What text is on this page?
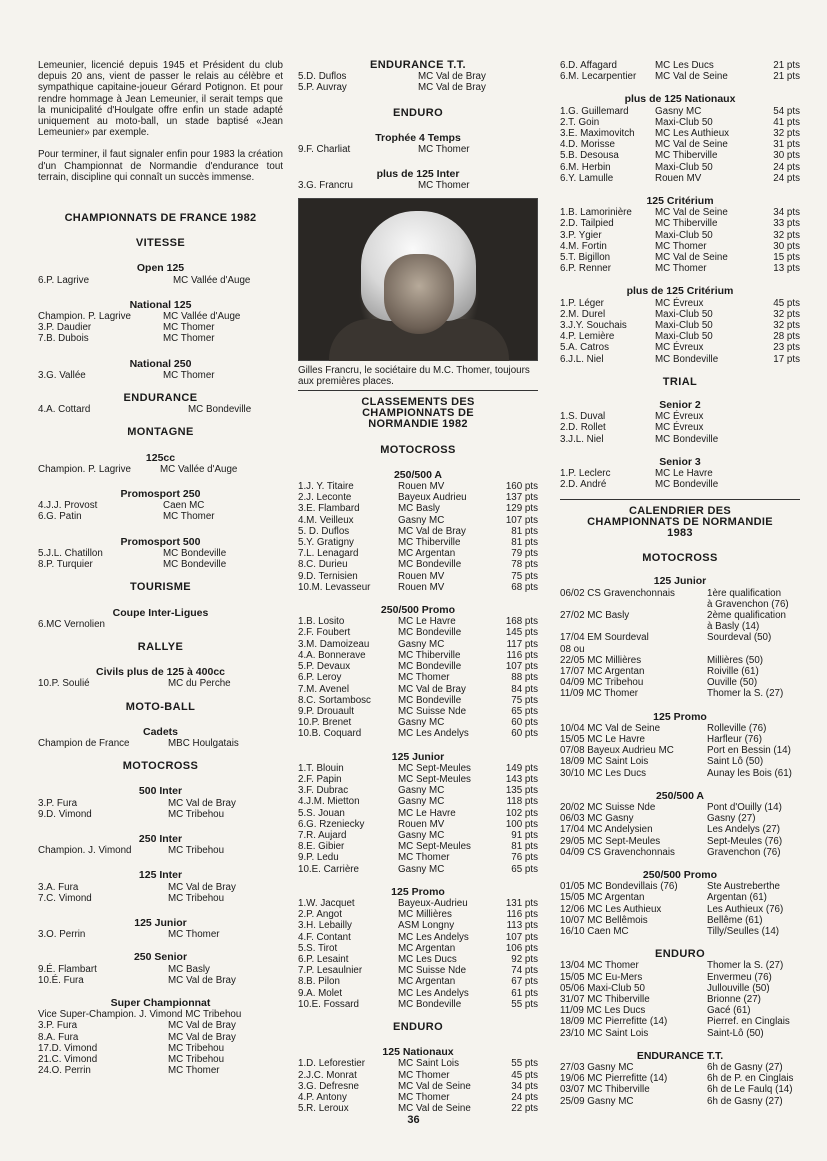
Lemeunier, licencié depuis 1945 et Président du club depuis 20 ans, vient de passer le relais au célèbre et sympathique capitaine-joueur Gérard Potignon. Et pour rendre hommage à Jean Lemeunier, il serait temps que la municipalité d'Houlgate offre enfin un stade adapté uniquement au moto-ball, un stade baptisé «Jean Lemeunier» par exemple.

Pour terminer, il faut signaler enfin pour 1983 la création d'un Championnat de Normandie d'endurance tout terrain, discipline qui connaît un succès immense.

CHAMPIONNATS DE FRANCE 1982
VITESSE
Open 125
6.P. Lagrive	MC Vallée d'Auge
National 125
Champion. P. Lagrive	MC Vallée d'Auge
3.P. Daudier	MC Thomer
7.B. Dubois	MC Thomer
National 250
3.G. Vallée	MC Thomer
ENDURANCE
4.A. Cottard	MC Bondeville
MONTAGNE
125cc
Champion. P. Lagrive	MC Vallée d'Auge
Promosport 250
4.J.J. Provost	Caen MC
6.G. Patin	MC Thomer
Promosport 500
5.J.L. Chatillon	MC Bondeville
8.P. Turquier	MC Bondeville
TOURISME
Coupe Inter-Ligues
6.MC Vernolien
RALLYE
Civils plus de 125 à 400cc
10.P. Soulié	MC du Perche
MOTO-BALL
Cadets
Champion de France	MBC Houlgatais
MOTOCROSS
500 Inter
3.P. Fura	MC Val de Bray
9.D. Vimond	MC Tribehou
250 Inter
Champion. J. Vimond	MC Tribehou
125 Inter
3.A. Fura	MC Val de Bray
7.C. Vimond	MC Tribehou
125 Junior
3.O. Perrin	MC Thomer
250 Senior
9.É. Flambart	MC Basly
10.É. Fura	MC Val de Bray
Super Championnat
Vice Super-Champion. J. Vimond MC Tribehou
3.P. Fura	MC Val de Bray
8.A. Fura	MC Val de Bray
17.D. Vimond	MC Tribehou
21.C. Vimond	MC Tribehou
24.O. Perrin	MC Thomer
ENDURANCE T.T.
5.D. Duflos	MC Val de Bray
5.P. Auvray	MC Val de Bray
ENDURO
Trophée 4 Temps
9.F. Charliat	MC Thomer
plus de 125 Inter
3.G. Francru	MC Thomer
Gilles Francru, le sociétaire du M.C. Thomer, toujours aux premières places.
CLASSEMENTS DES CHAMPIONNATS DE NORMANDIE 1982
MOTOCROSS
250/500 A
1.J. Y. Titaire	Rouen MV	160 pts
2.J. Leconte	Bayeux Audrieu	137 pts
3.E. Flambard	MC Basly	129 pts
4.M. Veilleux	Gasny MC	107 pts
5. D. Duflos	MC Val de Bray	81 pts
5.Y. Gratigny	MC Thiberville	81 pts
7.L. Lenagard	MC Argentan	79 pts
8.C. Durieu	MC Bondeville	78 pts
9.D. Ternisien	Rouen MV	75 pts
10.M. Levasseur	Rouen MV	68 pts
250/500 Promo
1.B. Losito	MC Le Havre	168 pts
2.F. Foubert	MC Bondeville	145 pts
3.M. Damoizeau	Gasny MC	117 pts
4.A. Bonnerave	MC Thiberville	116 pts
5.P. Devaux	MC Bondeville	107 pts
6.P. Leroy	MC Thomer	88 pts
7.M. Avenel	MC Val de Bray	84 pts
8.C. Sortambosc	MC Bondeville	75 pts
9.P. Drouault	MC Suisse Nde	65 pts
10.P. Brenet	Gasny MC	60 pts
10.B. Coquard	MC Les Andelys	60 pts
125 Junior
1.T. Blouin	MC Sept-Meules	149 pts
2.F. Papin	MC Sept-Meules	143 pts
3.F. Dubrac	Gasny MC	135 pts
4.J.M. Mietton	Gasny MC	118 pts
5.S. Jouan	MC Le Havre	102 pts
6.G. Rzeniecky	Rouen MV	100 pts
7.R. Aujard	Gasny MC	91 pts
8.E. Gibier	MC Sept-Meules	81 pts
9.P. Ledu	MC Thomer	76 pts
10.E. Carrière	Gasny MC	65 pts
125 Promo
1.W. Jacquet	Bayeux-Audrieu	131 pts
2.P. Angot	MC Millières	116 pts
3.H. Lebailly	ASM Longny	113 pts
4.F. Contant	MC Les Andelys	107 pts
5.S. Tirot	MC Argentan	106 pts
6.P. Lesaint	MC Les Ducs	92 pts
7.P. Lesaulnier	MC Suisse Nde	74 pts
8.B. Pilon	MC Argentan	67 pts
9.A. Molet	MC Les Andelys	61 pts
10.E. Fossard	MC Bondeville	55 pts
ENDURO
125 Nationaux
1.D. Leforestier	MC Saint Lois	55 pts
2.J.C. Monrat	MC Thomer	45 pts
3.G. Defresne	MC Val de Seine	34 pts
4.P. Antony	MC Thomer	24 pts
5.R. Leroux	MC Val de Seine	22 pts
6.D. Affagard	MC Les Ducs	21 pts
6.M. Lecarpentier	MC Val de Seine	21 pts
plus de 125 Nationaux
1.G. Guillemard	Gasny MC	54 pts
2.T. Goin	Maxi-Club 50	41 pts
3.E. Maximovitch	MC Les Authieux	32 pts
4.D. Morisse	MC Val de Seine	31 pts
5.B. Desousa	MC Thiberville	30 pts
6.M. Herbin	Maxi-Club 50	24 pts
6.Y. Lamulle	Rouen MV	24 pts
125 Critérium
1.B. Lamorinière	MC Val de Seine	34 pts
2.D. Tailpied	MC Thiberville	33 pts
3.P. Ygier	Maxi-Club 50	32 pts
4.M. Fortin	MC Thomer	30 pts
5.T. Bigillon	MC Val de Seine	15 pts
6.P. Renner	MC Thomer	13 pts
plus de 125 Critérium
1.P. Léger	MC Évreux	45 pts
2.M. Durel	Maxi-Club 50	32 pts
3.J.Y. Souchais	Maxi-Club 50	32 pts
4.P. Lemière	Maxi-Club 50	28 pts
5.A. Catros	MC Évreux	23 pts
6.J.L. Niel	MC Bondeville	17 pts
TRIAL
Senior 2
1.S. Duval	MC Évreux
2.D. Rollet	MC Évreux
3.J.L. Niel	MC Bondeville
Senior 3
1.P. Leclerc	MC Le Havre
2.D. André	MC Bondeville
CALENDRIER DES CHAMPIONNATS DE NORMANDIE 1983
MOTOCROSS
125 Junior
06/02 CS Gravenchonnais	1ère qualification
à Gravenchon (76)
27/02 MC Basly	2ème qualification
à Basly (14)
17/04 EM Sourdeval	Sourdeval (50)
08 ou
22/05 MC Millières	Millières (50)
17/07 MC Argentan	Roiville (61)
04/09 MC Tribehou	Ouville (50)
11/09 MC Thomer	Thomer la S. (27)
125 Promo
10/04 MC Val de Seine	Rolleville (76)
15/05 MC Le Havre	Harfleur (76)
07/08 Bayeux Audrieu MC	Port en Bessin (14)
18/09 MC Saint Lois	Saint Lô (50)
30/10 MC Les Ducs	Aunay les Bois (61)
250/500 A
20/02 MC Suisse Nde	Pont d'Ouilly (14)
06/03 MC Gasny	Gasny (27)
17/04 MC Andelysien	Les Andelys (27)
29/05 MC Sept-Meules	Sept-Meules (76)
04/09 CS Gravenchonnais	Gravenchon (76)
250/500 Promo
01/05 MC Bondevillais (76)	Ste Austreberthe
15/05 MC Argentan	Argentan (61)
12/06 MC Les Authieux	Les Authieux (76)
10/07 MC Bellêmois	Bellême (61)
16/10 Caen MC	Tilly/Seulles (14)
ENDURO
13/04 MC Thomer	Thomer la S. (27)
15/05 MC Eu-Mers	Envermeu (76)
05/06 Maxi-Club 50	Jullouville (50)
31/07 MC Thiberville	Brionne (27)
11/09 MC Les Ducs	Gacé (61)
18/09 MC Pierrefitte (14)	Pierref. en Cinglais
23/10 MC Saint Lois	Saint-Lô (50)
ENDURANCE T.T.
27/03 Gasny MC	6h de Gasny (27)
19/06 MC Pierrefitte (14)	6h de P. en Cinglais
03/07 MC Thiberville	6h de Le Faulq (14)
25/09 Gasny MC	6h de Gasny (27)
36
